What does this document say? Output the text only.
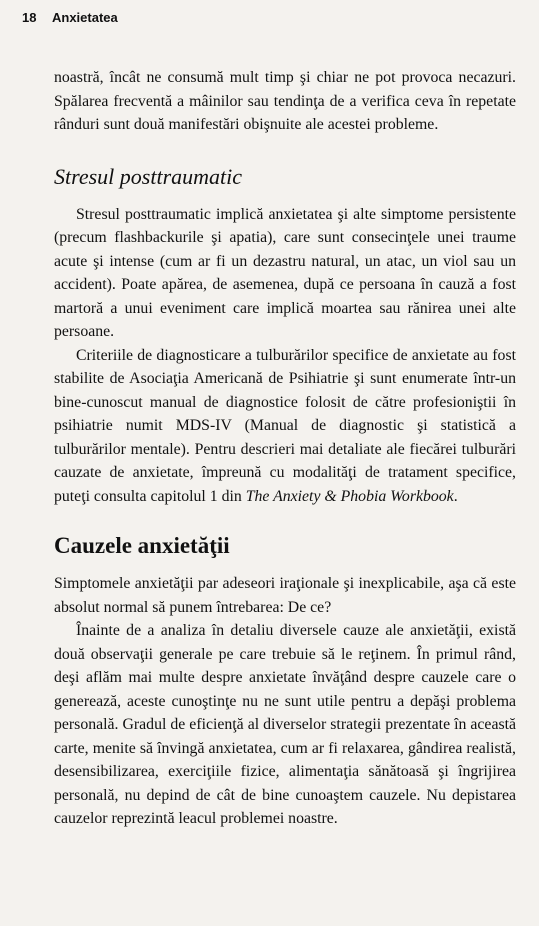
18 Anxietatea

noastră, încât ne consumă mult timp şi chiar ne pot provoca necazuri. Spălarea frecventă a mâinilor sau tendinţa de a verifica ceva în repetate rânduri sunt două manifestări obişnuite ale acestei probleme.

Stresul posttraumatic

Stresul posttraumatic implică anxietatea şi alte simptome persistente (precum flashbackurile şi apatia), care sunt consecinţele unei traume acute şi intense (cum ar fi un dezastru natural, un atac, un viol sau un accident). Poate apărea, de asemenea, după ce persoana în cauză a fost martoră a unui eveniment care implică moartea sau rănirea unei alte persoane.

Criteriile de diagnosticare a tulburărilor specifice de anxietate au fost stabilite de Asociaţia Americană de Psihiatrie şi sunt enumerate într-un bine-cunoscut manual de diagnostice folosit de către profesioniştii în psihiatrie numit MDS-IV (Manual de diagnostic şi statistică a tulburărilor mentale). Pentru descrieri mai detaliate ale fiecărei tulburări cauzate de anxietate, împreună cu modalităţi de tratament specifice, puteţi consulta capitolul 1 din The Anxiety & Phobia Workbook.

Cauzele anxietăţii

Simptomele anxietăţii par adeseori iraţionale şi inexplicabile, aşa că este absolut normal să punem întrebarea: De ce?

Înainte de a analiza în detaliu diversele cauze ale anxietăţii, există două observaţii generale pe care trebuie să le reţinem. În primul rând, deşi aflăm mai multe despre anxietate învăţând despre cauzele care o generează, aceste cunoştinţe nu ne sunt utile pentru a depăşi problema personală. Gradul de eficienţă al diverselor strategii prezentate în această carte, menite să învingă anxietatea, cum ar fi relaxarea, gândirea realistă, desensibilizarea, exerciţiile fizice, alimentaţia sănătoasă şi îngrijirea personală, nu depind de cât de bine cunoaştem cauzele. Nu depistarea cauzelor reprezintă leacul problemei noastre.
